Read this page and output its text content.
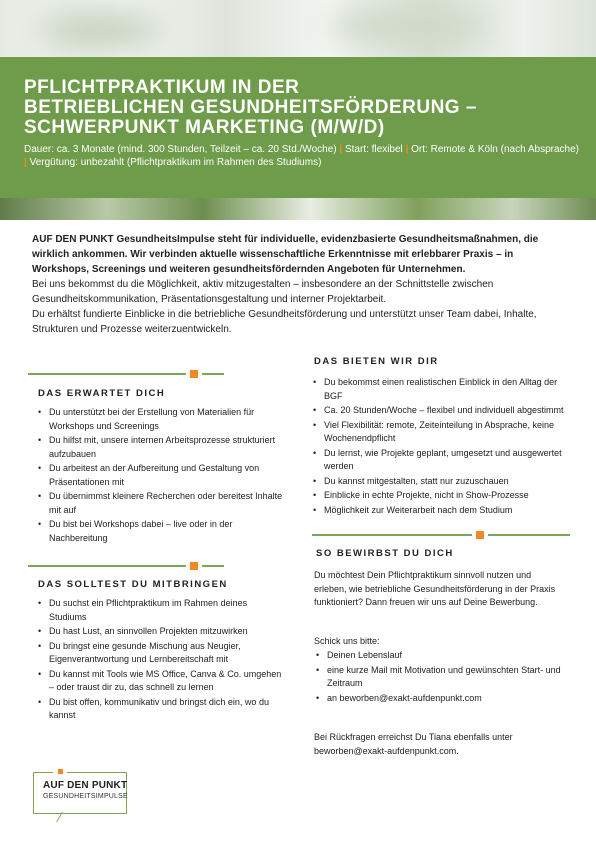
PFLICHTPRAKTIKUM IN DER
BETRIEBLICHEN GESUNDHEITSFÖRDERUNG –
SCHWERPUNKT MARKETING (M/W/D)
Dauer: ca. 3 Monate (mind. 300 Stunden, Teilzeit – ca. 20 Std./Woche) | Start: flexibel | Ort: Remote & Köln (nach Absprache) | Vergütung: unbezahlt (Pflichtpraktikum im Rahmen des Studiums)

AUF DEN PUNKT GesundheitsImpulse steht für individuelle, evidenzbasierte Gesundheitsmaßnahmen, die wirklich ankommen. Wir verbinden aktuelle wissenschaftliche Erkenntnisse mit erlebbarer Praxis – in Workshops, Screenings und weiteren gesundheitsfördernden Angeboten für Unternehmen.

Bei uns bekommst du die Möglichkeit, aktiv mitzugestalten – insbesondere an der Schnittstelle zwischen Gesundheitskommunikation, Präsentationsgestaltung und interner Projektarbeit.

Du erhältst fundierte Einblicke in die betriebliche Gesundheitsförderung und unterstützt unser Team dabei, Inhalte, Strukturen und Prozesse weiterzuentwickeln.

DAS ERWARTET DICH
• Du unterstützt bei der Erstellung von Materialien für Workshops und Screenings
• Du hilfst mit, unsere internen Arbeitsprozesse strukturiert aufzubauen
• Du arbeitest an der Aufbereitung und Gestaltung von Präsentationen mit
• Du übernimmst kleinere Recherchen oder bereitest Inhalte mit auf
• Du bist bei Workshops dabei – live oder in der Nachbereitung
DAS SOLLTEST DU MITBRINGEN
• Du suchst ein Pflichtpraktikum im Rahmen deines Studiums
• Du hast Lust, an sinnvollen Projekten mitzuwirken
• Du bringst eine gesunde Mischung aus Neugier, Eigenverantwortung und Lernbereitschaft mit
• Du kannst mit Tools wie MS Office, Canva & Co. umgehen – oder traust dir zu, das schnell zu lernen
• Du bist offen, kommunikativ und bringst dich ein, wo du kannst
DAS BIETEN WIR DIR
• Du bekommst einen realistischen Einblick in den Alltag der BGF
• Ca. 20 Stunden/Woche – flexibel und individuell abgestimmt
• Viel Flexibilität: remote, Zeiteinteilung in Absprache, keine Wochenendpflicht
• Du lernst, wie Projekte geplant, umgesetzt und ausgewertet werden
• Du kannst mitgestalten, statt nur zuzuschauen
• Einblicke in echte Projekte, nicht in Show-Prozesse
• Möglichkeit zur Weiterarbeit nach dem Studium
SO BEWIRBST DU DICH

Du möchtest Dein Pflichtpraktikum sinnvoll nutzen und erleben, wie betriebliche Gesundheitsförderung in der Praxis funktioniert? Dann freuen wir uns auf Deine Bewerbung.

Schick uns bitte:

• Deinen Lebenslauf
• eine kurze Mail mit Motivation und gewünschten Start- und Zeitraum
• an beworben@exakt-aufdenpunkt.com

Bei Rückfragen erreichst Du Tiana ebenfalls unter beworben@exakt-aufdenpunkt.com.

AUF DEN PUNKT
GESUNDHEITSIMPULSE
